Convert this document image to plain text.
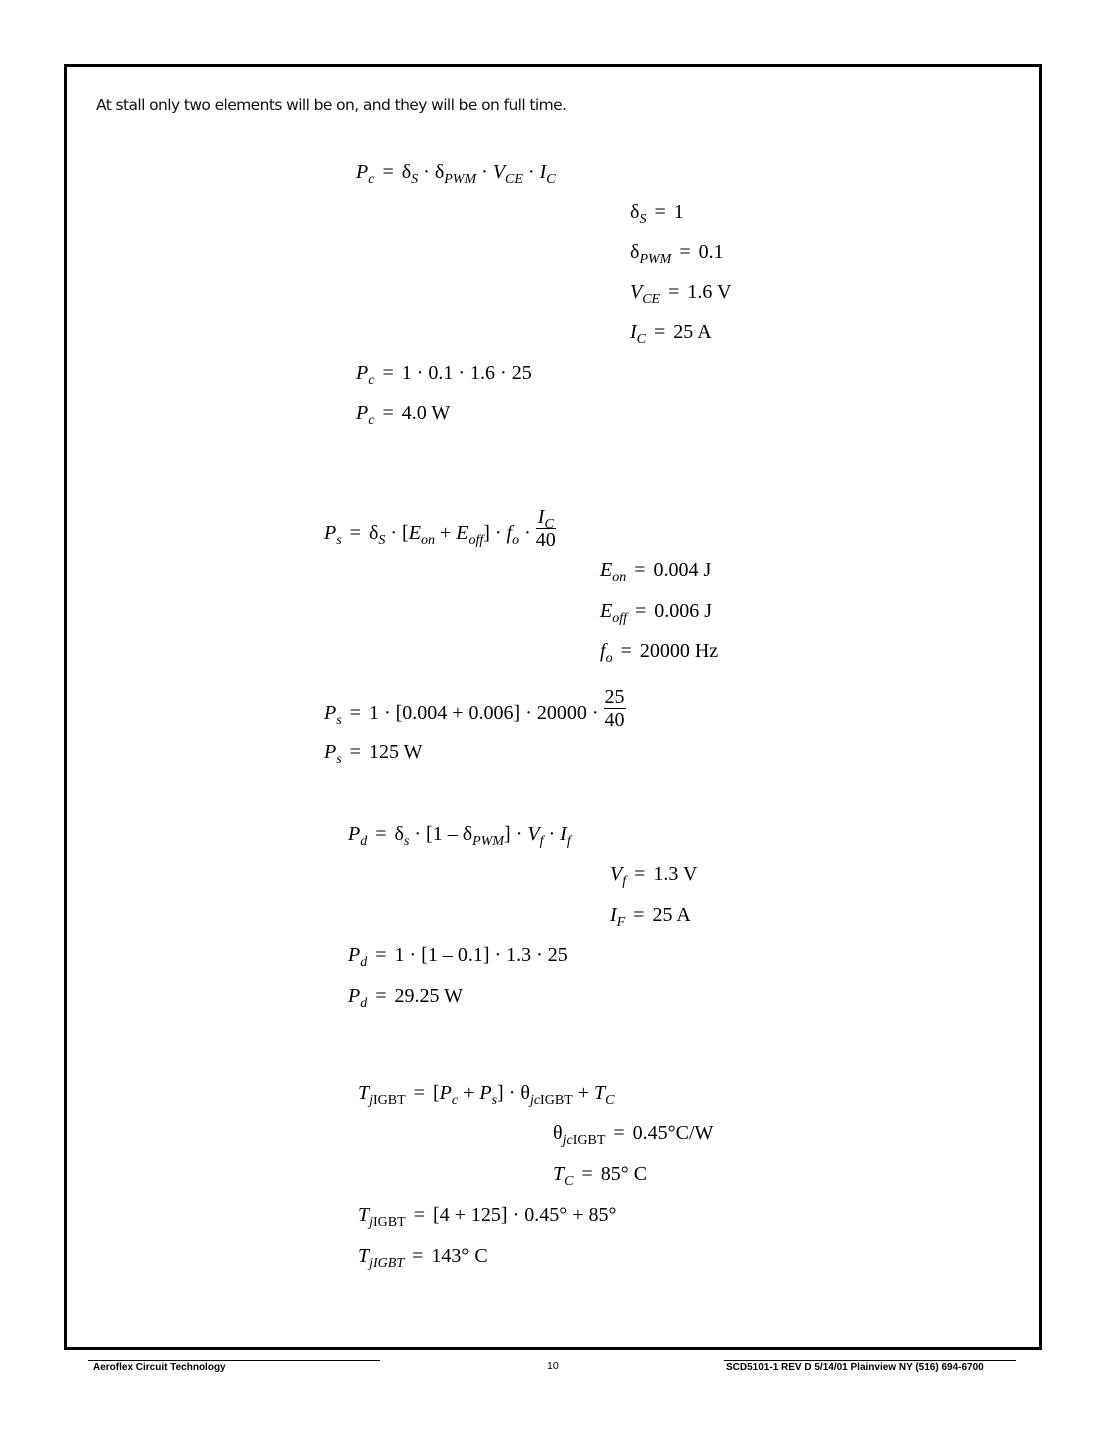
At stall only two elements will be on, and they will be on full time.
$P_c = \delta_S \cdot \delta_{PWM} \cdot V_{CE} \cdot I_C$
$\delta_S = 1$
$\delta_{PWM} = 0.1$
$V_{CE} = 1.6$ V
$I_C = 25$ A
$P_c = 1 \cdot 0.1 \cdot 1.6 \cdot 25$
$P_c = 4.0$ W
$P_s = \delta_S \cdot [E_{on} + E_{off}] \cdot f_o \cdot \frac{I_C}{40}$
$E_{on} = 0.004$ J
$E_{off} = 0.006$ J
$f_o = 20000$ Hz
$P_s = 1 \cdot [0.004 + 0.006] \cdot 20000 \cdot \frac{25}{40}$
$P_s = 125$ W
$P_d = \delta_s \cdot [1 - \delta_{PWM}] \cdot V_f \cdot I_f$
$V_f = 1.3$ V
$I_F = 25$ A
$P_d = 1 \cdot [1 - 0.1] \cdot 1.3 \cdot 25$
$P_d = 29.25$ W
$T_{jIGBT} = [P_c + P_s] \cdot \theta_{jcIGBT} + T_C$
$\theta_{jcIGBT} = 0.45^\circ C/W$
$T_C = 85^\circ$ C
$T_{jIGBT} = [4 + 125] \cdot 0.45^\circ + 85^\circ$
$T_{jIGBT} = 143^\circ$ C
Aeroflex Circuit Technology	10	SCD5101-1 REV D 5/14/01 Plainview NY (516) 694-6700
